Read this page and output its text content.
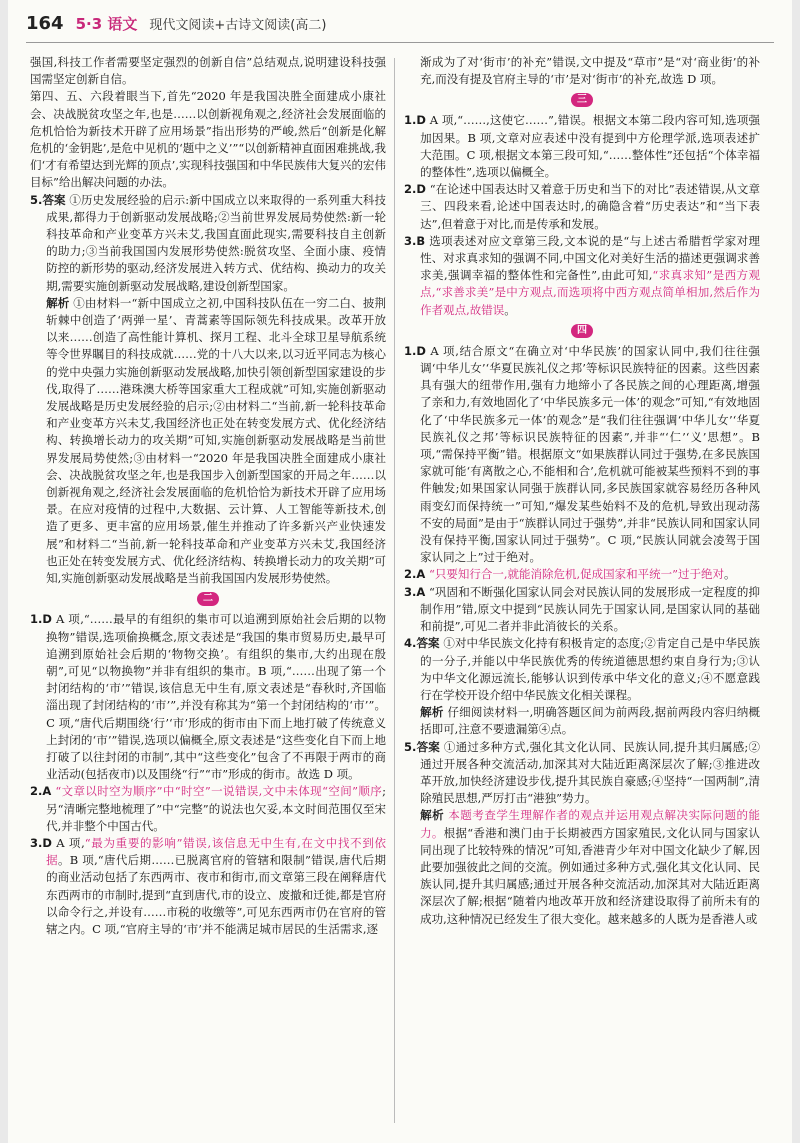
164 5·3 语文 现代文阅读+古诗文阅读(高二)

强国,科技工作者需要坚定强烈的创新自信”总结观点,说明建设科技强国需坚定创新自信。

第四、五、六段着眼当下,首先“2020 年是我国决胜全面建成小康社会、决战脱贫攻坚之年,也是……以创新视角观之,经济社会发展面临的危机恰恰为新技术开辟了应用场景”指出形势的严峻,然后“创新是化解危机的‘金钥匙’,是危中见机的‘题中之义’”“以创新精神直面困难挑战,我们‘才有希望达到光辉的顶点’,实现科技强国和中华民族伟大复兴的宏伟目标”给出解决问题的办法。

5.答案 ①历史发展经验的启示:新中国成立以来取得的一系列重大科技成果,都得力于创新驱动发展战略;②当前世界发展局势使然:新一轮科技革命和产业变革方兴未艾,我国直面此现实,需要科技自主创新的助力;③当前我国国内发展形势使然:脱贫攻坚、全面小康、疫情防控的新形势的驱动,经济发展进入转方式、优结构、换动力的攻关期,需要实施创新驱动发展战略,建设创新型国家。

解析 ①由材料一“新中国成立之初,中国科技队伍在一穷二白、披荆斩棘中创造了‘两弹一星’、青蒿素等国际领先科技成果。改革开放以来……创造了高性能计算机、探月工程、北斗全球卫星导航系统等令世界瞩目的科技成就……党的十八大以来,以习近平同志为核心的党中央强力实施创新驱动发展战略,加快引领创新型国家建设的步伐,取得了……港珠澳大桥等国家重大工程成就”可知,实施创新驱动发展战略是历史发展经验的启示;②由材料二“当前,新一轮科技革命和产业变革方兴未艾,我国经济也正处在转变发展方式、优化经济结构、转换增长动力的攻关期”可知,实施创新驱动发展战略是当前世界发展局势使然;③由材料一“2020 年是我国决胜全面建成小康社会、决战脱贫攻坚之年,也是我国步入创新型国家的开局之年……以创新视角观之,经济社会发展面临的危机恰恰为新技术开辟了应用场景。在应对疫情的过程中,大数据、云计算、人工智能等新技术,创造了更多、更丰富的应用场景,催生并推动了许多新兴产业快速发展”和材料二“当前,新一轮科技革命和产业变革方兴未艾,我国经济也正处在转变发展方式、优化经济结构、转换增长动力的攻关期”可知,实施创新驱动发展战略是当前我国国内发展形势使然。

二

1.D A 项,“……最早的有组织的集市可以追溯到原始社会后期的以物换物”错误,选项偷换概念,原文表述是“我国的集市贸易历史,最早可追溯到原始社会后期的‘物物交换’。有组织的集市,大约出现在殷朝”,可见“以物换物”并非有组织的集市。B 项,“……出现了第一个封闭结构的‘市’”错误,该信息无中生有,原文表述是“春秋时,齐国临淄出现了封闭结构的‘市’”,并没有称其为“第一个封闭结构的‘市’”。C 项,“唐代后期围绕‘行’‘市’形成的街市由下而上地打破了传统意义上封闭的‘市’”错误,选项以偏概全,原文表述是“这些变化自下而上地打破了以往封闭的市制”,其中“这些变化”包含了不再限于两市的商业活动(包括夜市)以及围绕“行”“市”形成的街市。故选 D 项。

2.A “文章以时空为顺序”中“时空”一说错误,文中未体现“空间”顺序;另“清晰完整地梳理了”中“完整”的说法也欠妥,本文时间范围仅至宋代,并非整个中国古代。

3.D A 项,“最为重要的影响”错误,该信息无中生有,在文中找不到依据。B 项,“唐代后期……已脱离官府的管辖和限制”错误,唐代后期的商业活动包括了东西两市、夜市和街市,而文章第三段在阐释唐代东西两市的市制时,提到“直到唐代,市的设立、废撤和迁徙,都是官府以命令行之,并设有……市税的收缴等”,可见东西两市仍在官府的管辖之内。C 项,“官府主导的‘市’并不能满足城市居民的生活需求,逐

渐成为了对‘街市’的补充”错误,文中提及“草市”是“对‘商业街’的补充,而没有提及官府主导的‘市’是对‘街市’的补充,故选 D 项。

三

1.D A 项,“……,这使它……”,错误。根据文本第二段内容可知,选项强加因果。B 项,文章对应表述中没有提到中方伦理学派,选项表述扩大范围。C 项,根据文本第三段可知,“……整体性”还包括“个体幸福的整体性”,选项以偏概全。

2.D “在论述中国表达时又着意于历史和当下的对比”表述错误,从文章三、四段来看,论述中国表达时,的确隐含着“历史表达”和“当下表达”,但着意于对比,而是传承和发展。

3.B 选项表述对应文章第三段,文本说的是“与上述古希腊哲学家对理性、对求真求知的强调不同,中国文化对美好生活的描述更强调求善求美,强调幸福的整体性和完备性”,由此可知,“求真求知”是西方观点,“求善求美”是中方观点,而选项将中西方观点简单相加,然后作为作者观点,故错误。

四

1.D A 项,结合原文“在确立对‘中华民族’的国家认同中,我们往往强调‘中华儿女’‘华夏民族礼仪之邦’等标识民族特征的因素。这些因素具有强大的纽带作用,强有力地缔小了各民族之间的心理距离,增强了亲和力,有效地固化了‘中华民族多元一体’的观念”可知,“有效地固化了‘中华民族多元一体’的观念”是“我们往往强调‘中华儿女’‘华夏民族礼仪之邦’等标识民族特征的因素”,并非“‘仁’‘义’思想”。B 项,“需保持平衡”错。根据原文“如果族群认同过于强势,在多民族国家就可能‘有离散之心,不能相和合’,危机就可能被某些预料不到的事件触发;如果国家认同强于族群认同,多民族国家就容易经历各种风雨变幻而保持统一”可知,“爆发某些始料不及的危机,导致出现动荡不安的局面”是由于“族群认同过于强势”,并非“民族认同和国家认同没有保持平衡,国家认同过于强势”。C 项,“民族认同就会凌驾于国家认同之上”过于绝对。

2.A “只要知行合一,就能消除危机,促成国家和平统一”过于绝对。

3.A “巩固和不断强化国家认同会对民族认同的发展形成一定程度的抑制作用”错,原文中提到“民族认同先于国家认同,是国家认同的基础和前提”,可见二者并非此消彼长的关系。

4.答案 ①对中华民族文化持有积极肯定的态度;②肯定自己是中华民族的一分子,并能以中华民族优秀的传统道德思想约束自身行为;③认为中华文化源远流长,能够认识到传承中华文化的意义;④不愿意践行在学校开设介绍中华民族文化相关课程。

解析 仔细阅读材料一,明确答题区间为前两段,据前两段内容归纳概括即可,注意不要遗漏第④点。

5.答案 ①通过多种方式,强化其文化认同、民族认同,提升其归属感;②通过开展各种交流活动,加深其对大陆近距离深层次了解;③推进改革开放,加快经济建设步伐,提升其民族自豪感;④坚持“一国两制”,清除殖民思想,严厉打击“港独”势力。

解析 本题考查学生理解作者的观点并运用观点解决实际问题的能力。根据“香港和澳门由于长期被西方国家殖民,文化认同与国家认同出现了比较特殊的情况”可知,香港青少年对中国文化缺少了解,因此要加强彼此之间的交流。例如通过多种方式,强化其文化认同、民族认同,提升其归属感;通过开展各种交流活动,加深其对大陆近距离深层次了解;根据“随着内地改革开放和经济建设取得了前所未有的成功,这种情况已经发生了很大变化。越来越多的人既为是香港人或
